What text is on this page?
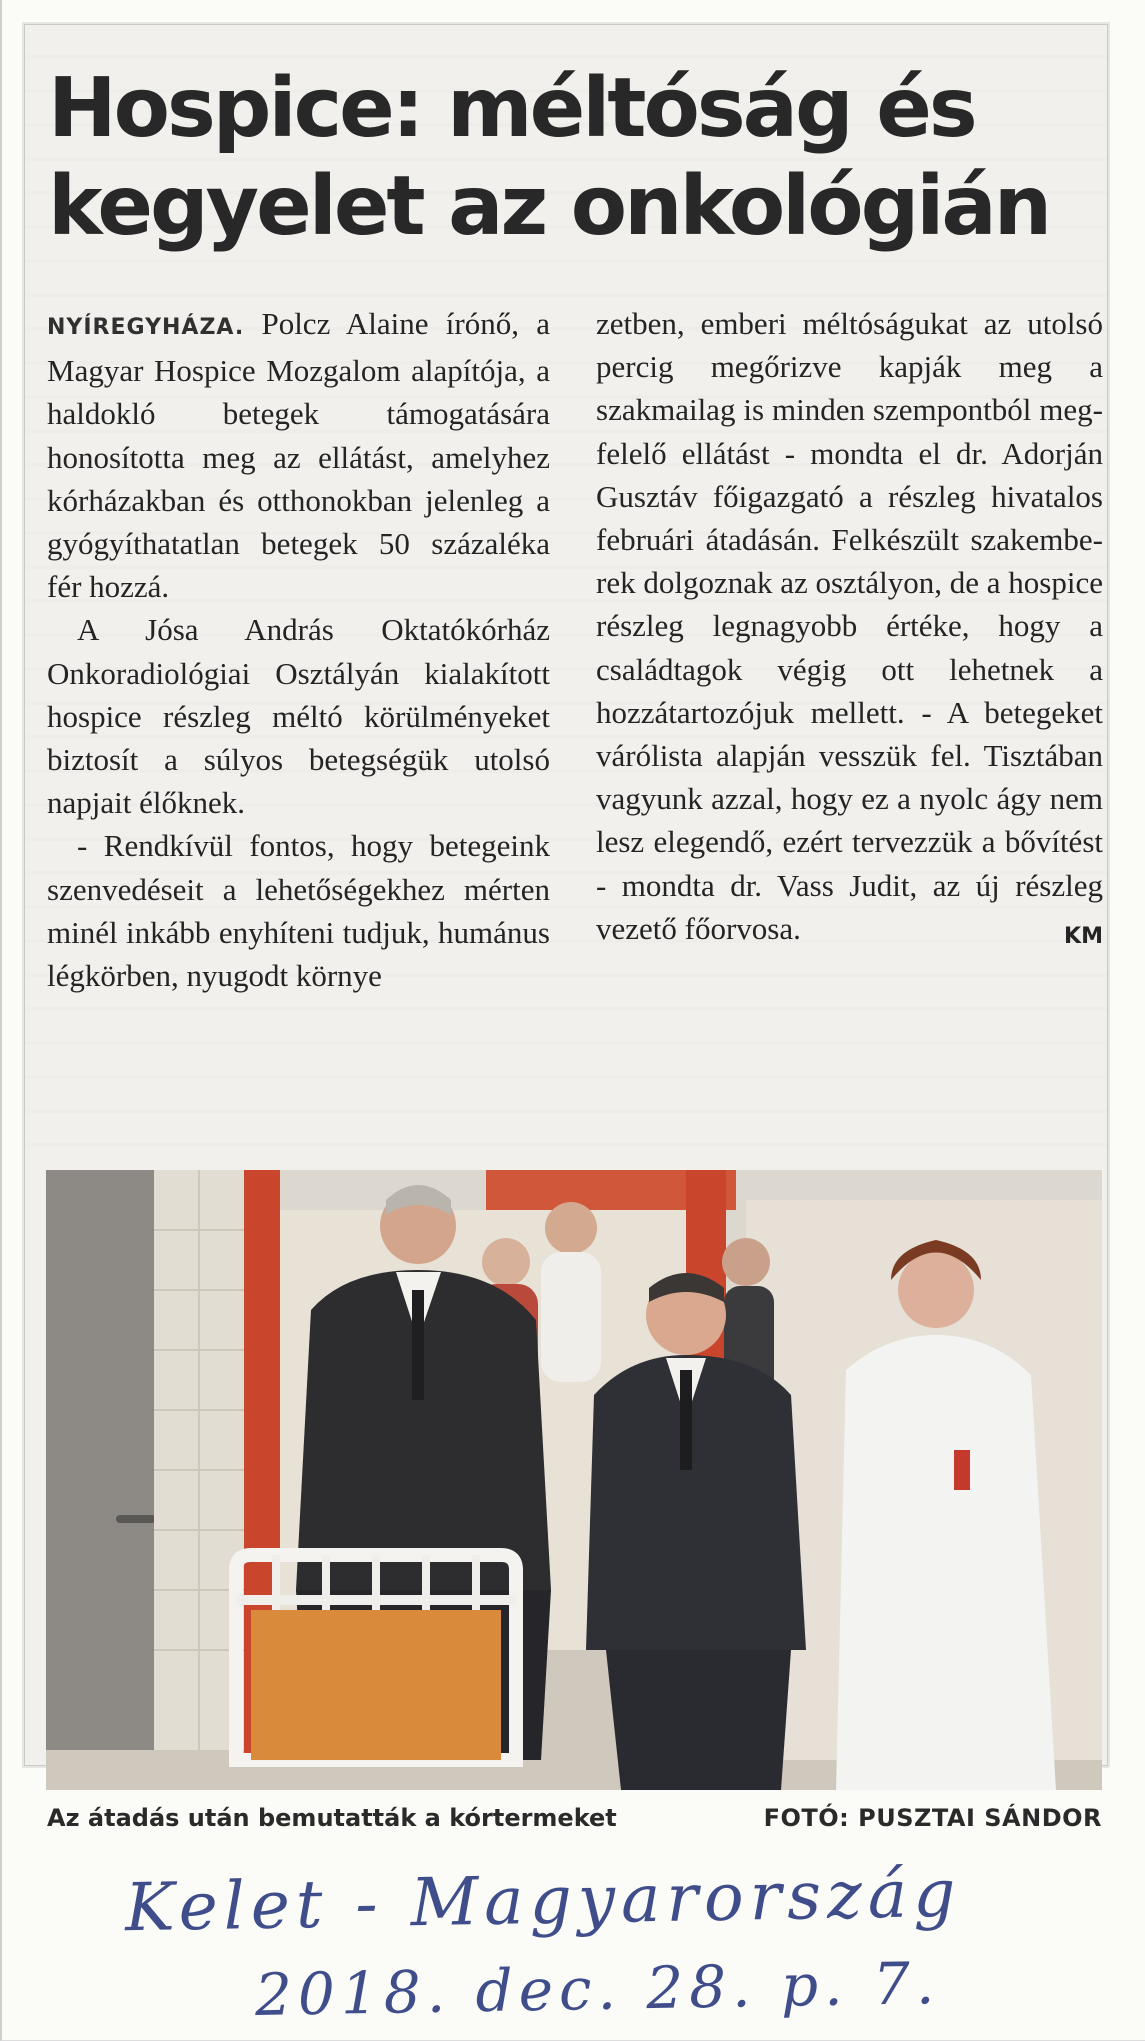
Hospice: méltóság és kegyelet az onkológián

NYÍREGYHÁZA. Polcz Alaine írónő, a Magyar Hospice Mozgalom alapítója, a haldokló betegek támogatására honosította meg az ellátást, amelyhez kórházakban és otthonokban jelenleg a gyógyíthatatlan betegek 50 százaléka fér hozzá.

A Jósa András Oktatókórház Onkoradiológiai Osztályán kialakított hospice részleg méltó körülményeket biztosít a súlyos betegségük utolsó napjait élőknek.

- Rendkívül fontos, hogy betegeink szenvedéseit a lehetőségekhez mérten minél inkább enyhíteni tudjuk, humánus légkörben, nyugodt környe

zetben, emberi méltóságukat az utolsó percig megőrizve kapják meg a szakmailag is minden szempontból megfelelő ellátást - mondta el dr. Adorján Gusztáv főigazgató a részleg hivatalos februári átadásán. Felkészült szakemberek dolgoznak az osztályon, de a hospice részleg legnagyobb értéke, hogy a családtagok végig ott lehetnek a hozzátartozójuk mellett. - A betegeket várólista alapján vesszük fel. Tisztában vagyunk azzal, hogy ez a nyolc ágy nem lesz elegendő, ezért tervezzük a bővítést - mondta dr. Vass Judit, az új részleg vezető főorvosa.	KM

Az átadás után bemutatták a kórtermeket	FOTÓ: PUSZTAI SÁNDOR
Kelet - Magyarország
2018. dec. 28. p. 7.
